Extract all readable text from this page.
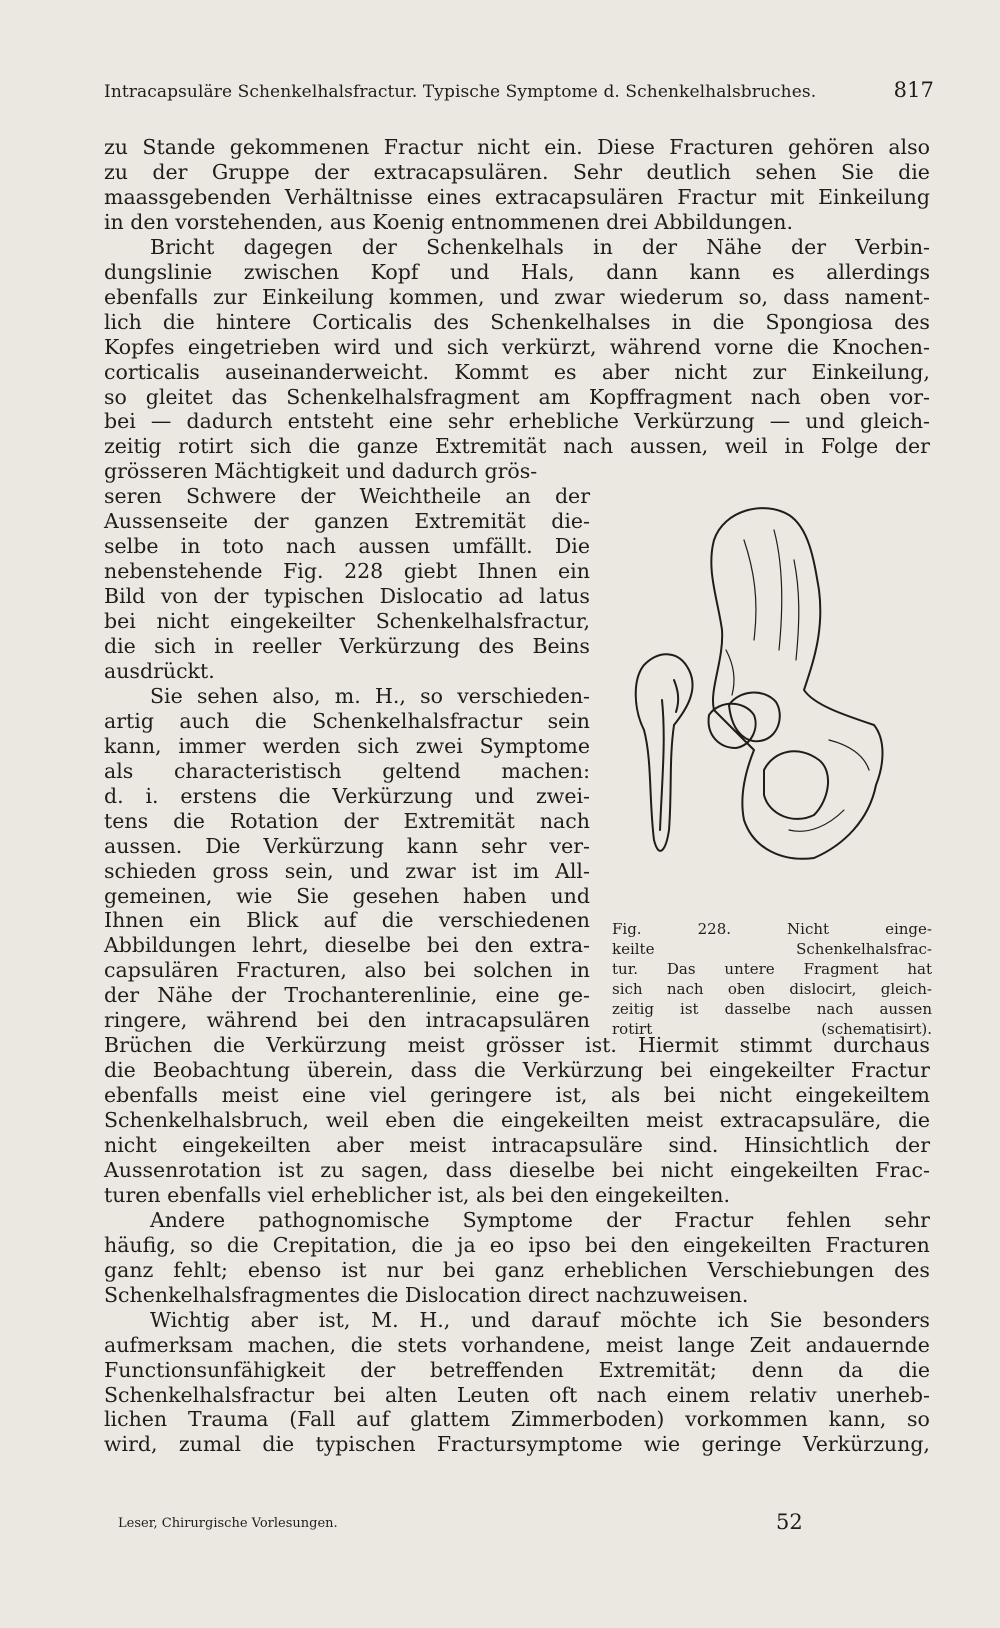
Intracapsuläre Schenkelhalsfractur. Typische Symptome d. Schenkelhalsbruches.	817
zu Stande gekommenen Fractur nicht ein. Diese Fracturen gehören also
zu der Gruppe der extracapsulären. Sehr deutlich sehen Sie die
maassgebenden Verhältnisse eines extracapsulären Fractur mit Einkeilung
in den vorstehenden, aus Koenig entnommenen drei Abbildungen.
Bricht dagegen der Schenkelhals in der Nähe der Verbin-
dungslinie zwischen Kopf und Hals, dann kann es allerdings
ebenfalls zur Einkeilung kommen, und zwar wiederum so, dass nament-
lich die hintere Corticalis des Schenkelhalses in die Spongiosa des
Kopfes eingetrieben wird und sich verkürzt, während vorne die Knochen-
corticalis auseinanderweicht. Kommt es aber nicht zur Einkeilung,
so gleitet das Schenkelhalsfragment am Kopffragment nach oben vor-
bei — dadurch entsteht eine sehr erhebliche Verkürzung — und gleich-
zeitig rotirt sich die ganze Extremität nach aussen, weil in Folge der
grösseren Mächtigkeit und dadurch grös-
seren Schwere der Weichtheile an der
Aussenseite der ganzen Extremität die-
selbe in toto nach aussen umfällt. Die
nebenstehende Fig. 228 giebt Ihnen ein
Bild von der typischen Dislocatio ad latus
bei nicht eingekeilter Schenkelhalsfractur,
die sich in reeller Verkürzung des Beins
ausdrückt.
Sie sehen also, m. H., so verschieden-
artig auch die Schenkelhalsfractur sein
kann, immer werden sich zwei Symptome
als characteristisch geltend machen:
d. i. erstens die Verkürzung und zwei-
tens die Rotation der Extremität nach
aussen. Die Verkürzung kann sehr ver-
schieden gross sein, und zwar ist im All-
gemeinen, wie Sie gesehen haben und
Ihnen ein Blick auf die verschiedenen
Abbildungen lehrt, dieselbe bei den extra-
capsulären Fracturen, also bei solchen in
der Nähe der Trochanterenlinie, eine ge-
ringere, während bei den intracapsulären
Brüchen die Verkürzung meist grösser ist. Hiermit stimmt durchaus
die Beobachtung überein, dass die Verkürzung bei eingekeilter Fractur
ebenfalls meist eine viel geringere ist, als bei nicht eingekeiltem
Schenkelhalsbruch, weil eben die eingekeilten meist extracapsuläre, die
nicht eingekeilten aber meist intracapsuläre sind. Hinsichtlich der
Aussenrotation ist zu sagen, dass dieselbe bei nicht eingekeilten Frac-
turen ebenfalls viel erheblicher ist, als bei den eingekeilten.
Andere pathognomische Symptome der Fractur fehlen sehr
häufig, so die Crepitation, die ja eo ipso bei den eingekeilten Fracturen
ganz fehlt; ebenso ist nur bei ganz erheblichen Verschiebungen des
Schenkelhalsfragmentes die Dislocation direct nachzuweisen.
Wichtig aber ist, M. H., und darauf möchte ich Sie besonders
aufmerksam machen, die stets vorhandene, meist lange Zeit andauernde
Functionsunfähigkeit der betreffenden Extremität; denn da die
Schenkelhalsfractur bei alten Leuten oft nach einem relativ unerheb-
lichen Trauma (Fall auf glattem Zimmerboden) vorkommen kann, so
wird, zumal die typischen Fractursymptome wie geringe Verkürzung,
Fig.	228.	Nicht	einge-
keilte	Schenkelhalsfrac-
tur. Das untere Fragment hat
sich nach oben dislocirt, gleich-
zeitig ist dasselbe nach aussen
rotirt	(schematisirt).
Leser, Chirurgische Vorlesungen.	52
